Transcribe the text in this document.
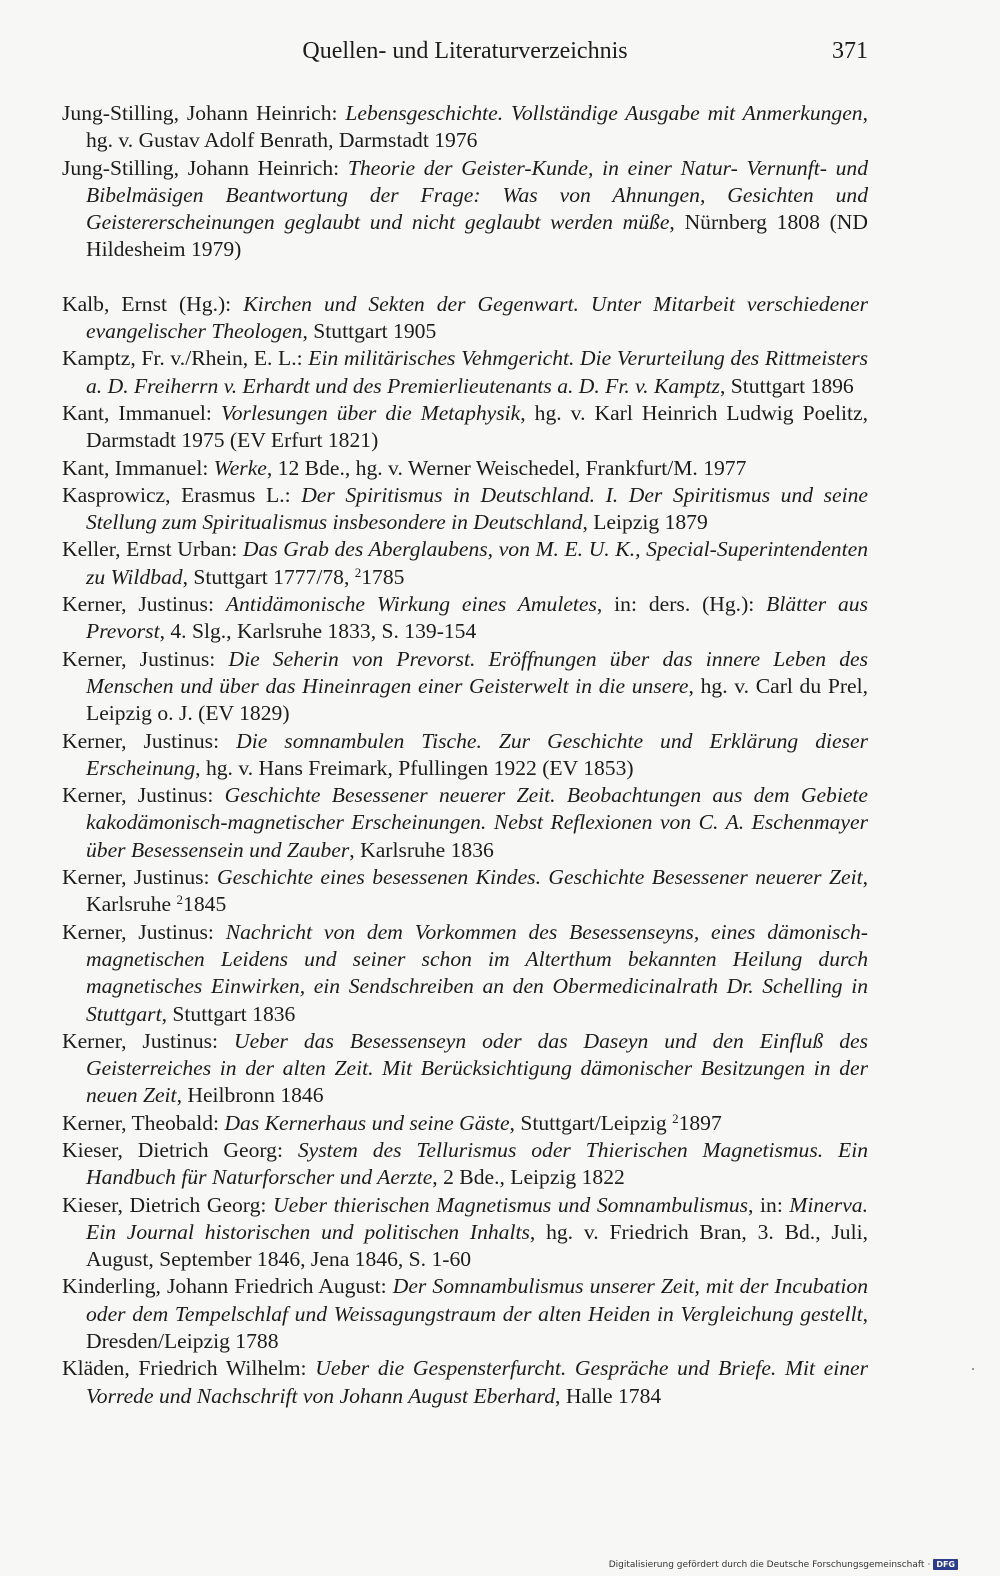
Quellen- und Literaturverzeichnis	371
Jung-Stilling, Johann Heinrich: Lebensgeschichte. Vollständige Ausgabe mit Anmerkungen, hg. v. Gustav Adolf Benrath, Darmstadt 1976
Jung-Stilling, Johann Heinrich: Theorie der Geister-Kunde, in einer Natur- Vernunft- und Bibelmäsigen Beantwortung der Frage: Was von Ahnungen, Gesichten und Geistererscheinungen geglaubt und nicht geglaubt werden müße, Nürnberg 1808 (ND Hildesheim 1979)
Kalb, Ernst (Hg.): Kirchen und Sekten der Gegenwart. Unter Mitarbeit verschiedener evangelischer Theologen, Stuttgart 1905
Kamptz, Fr. v./Rhein, E. L.: Ein militärisches Vehmgericht. Die Verurteilung des Rittmeisters a. D. Freiherrn v. Erhardt und des Premierlieutenants a. D. Fr. v. Kamptz, Stuttgart 1896
Kant, Immanuel: Vorlesungen über die Metaphysik, hg. v. Karl Heinrich Ludwig Poelitz, Darmstadt 1975 (EV Erfurt 1821)
Kant, Immanuel: Werke, 12 Bde., hg. v. Werner Weischedel, Frankfurt/M. 1977
Kasprowicz, Erasmus L.: Der Spiritismus in Deutschland. I. Der Spiritismus und seine Stellung zum Spiritualismus insbesondere in Deutschland, Leipzig 1879
Keller, Ernst Urban: Das Grab des Aberglaubens, von M. E. U. K., Special-Superintendenten zu Wildbad, Stuttgart 1777/78, $^2$1785
Kerner, Justinus: Antidämonische Wirkung eines Amuletes, in: ders. (Hg.): Blätter aus Prevorst, 4. Slg., Karlsruhe 1833, S. 139-154
Kerner, Justinus: Die Seherin von Prevorst. Eröffnungen über das innere Leben des Menschen und über das Hineinragen einer Geisterwelt in die unsere, hg. v. Carl du Prel, Leipzig o. J. (EV 1829)
Kerner, Justinus: Die somnambulen Tische. Zur Geschichte und Erklärung dieser Erscheinung, hg. v. Hans Freimark, Pfullingen 1922 (EV 1853)
Kerner, Justinus: Geschichte Besessener neuerer Zeit. Beobachtungen aus dem Gebiete kakodämonisch-magnetischer Erscheinungen. Nebst Reflexionen von C. A. Eschenmayer über Besessensein und Zauber, Karlsruhe 1836
Kerner, Justinus: Geschichte eines besessenen Kindes. Geschichte Besessener neuerer Zeit, Karlsruhe $^2$1845
Kerner, Justinus: Nachricht von dem Vorkommen des Besessenseyns, eines dämonisch-magnetischen Leidens und seiner schon im Alterthum bekannten Heilung durch magnetisches Einwirken, ein Sendschreiben an den Obermedicinalrath Dr. Schelling in Stuttgart, Stuttgart 1836
Kerner, Justinus: Ueber das Besessenseyn oder das Daseyn und den Einfluß des Geisterreiches in der alten Zeit. Mit Berücksichtigung dämonischer Besitzungen in der neuen Zeit, Heilbronn 1846
Kerner, Theobald: Das Kernerhaus und seine Gäste, Stuttgart/Leipzig $^2$1897
Kieser, Dietrich Georg: System des Tellurismus oder Thierischen Magnetismus. Ein Handbuch für Naturforscher und Aerzte, 2 Bde., Leipzig 1822
Kieser, Dietrich Georg: Ueber thierischen Magnetismus und Somnambulismus, in: Minerva. Ein Journal historischen und politischen Inhalts, hg. v. Friedrich Bran, 3. Bd., Juli, August, September 1846, Jena 1846, S. 1-60
Kinderling, Johann Friedrich August: Der Somnambulismus unserer Zeit, mit der Incubation oder dem Tempelschlaf und Weissagungstraum der alten Heiden in Vergleichung gestellt, Dresden/Leipzig 1788
Kläden, Friedrich Wilhelm: Ueber die Gespensterfurcht. Gespräche und Briefe. Mit einer Vorrede und Nachschrift von Johann August Eberhard, Halle 1784
Digitalisierung gefördert durch die Deutsche Forschungsgemeinschaft · DFG
